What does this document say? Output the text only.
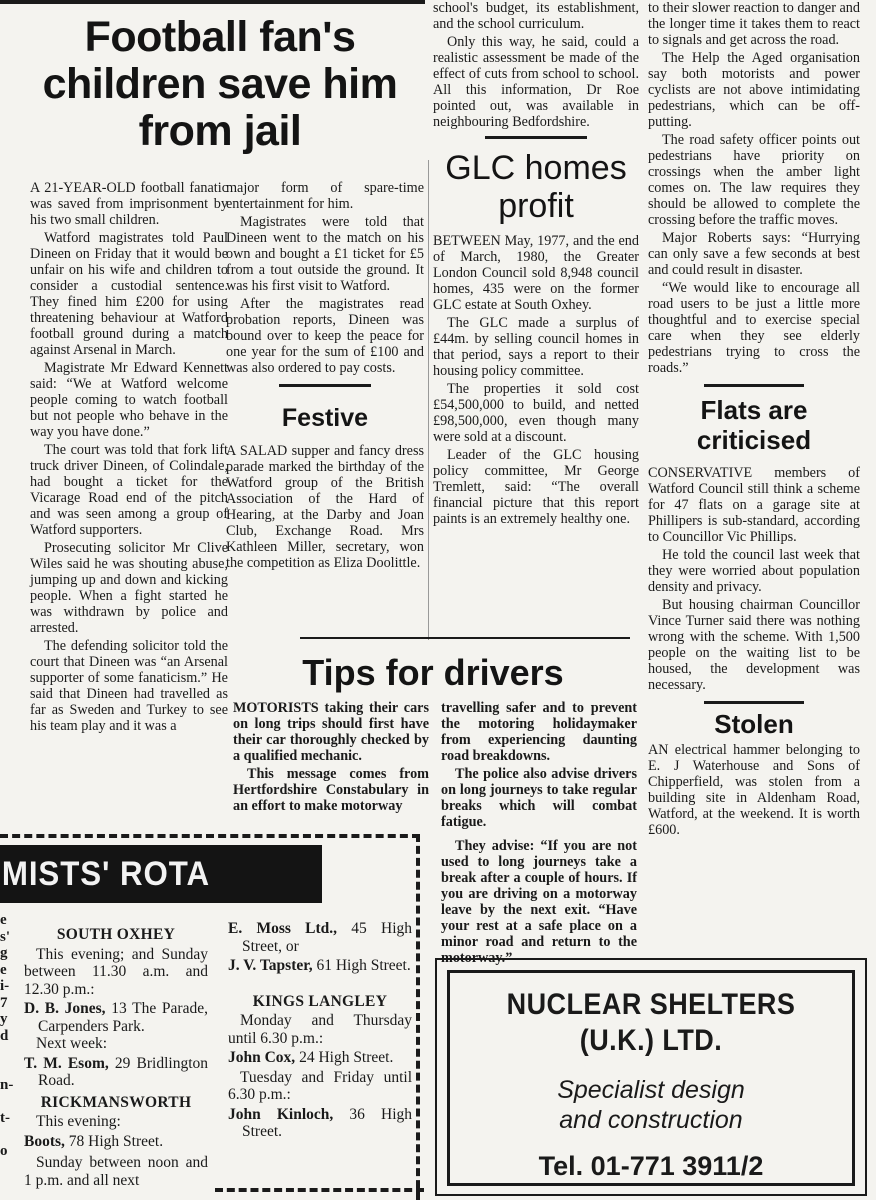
Football fan's children save him from jail

A 21-YEAR-OLD football fanatic was saved from imprisonment by his two small children.

Watford magistrates told Paul Dineen on Friday that it would be unfair on his wife and children to consider a custodial sentence. They fined him £200 for using threatening behaviour at Watford football ground during a match against Arsenal in March.

Magistrate Mr Edward Kennett said: “We at Watford welcome people coming to watch football but not people who behave in the way you have done.”

The court was told that fork lift truck driver Dineen, of Colindale, had bought a ticket for the Vicarage Road end of the pitch and was seen among a group of Watford supporters.

Prosecuting solicitor Mr Clive Wiles said he was shouting abuse, jumping up and down and kicking people. When a fight started he was withdrawn by police and arrested.

The defending solicitor told the court that Dineen was “an Arsenal supporter of some fanaticism.” He said that Dineen had travelled as far as Sweden and Turkey to see his team play and it was a

major form of spare-time entertainment for him.

Magistrates were told that Dineen went to the match on his own and bought a £1 ticket for £5 from a tout outside the ground. It was his first visit to Watford.

After the magistrates read probation reports, Dineen was bound over to keep the peace for one year for the sum of £100 and was also ordered to pay costs.

Festive

A SALAD supper and fancy dress parade marked the birthday of the Watford group of the British Association of the Hard of Hearing, at the Darby and Joan Club, Exchange Road. Mrs Kathleen Miller, secretary, won the competition as Eliza Doolittle.

school's budget, its establishment, and the school curriculum.

Only this way, he said, could a realistic assessment be made of the effect of cuts from school to school. All this information, Dr Roe pointed out, was available in neighbouring Bedfordshire.

GLC homes profit

BETWEEN May, 1977, and the end of March, 1980, the Greater London Council sold 8,948 council homes, 435 were on the former GLC estate at South Oxhey.

The GLC made a surplus of £44m. by selling council homes in that period, says a report to their housing policy committee.

The properties it sold cost £54,500,000 to build, and netted £98,500,000, even though many were sold at a discount.

Leader of the GLC housing policy committee, Mr George Tremlett, said: “The overall financial picture that this report paints is an extremely healthy one.

to their slower reaction to danger and the longer time it takes them to react to signals and get across the road.

The Help the Aged organisation say both motorists and power cyclists are not above intimidating pedestrians, which can be off-putting.

The road safety officer points out pedestrians have priority on crossings when the amber light comes on. The law requires they should be allowed to complete the crossing before the traffic moves.

Major Roberts says: “Hurrying can only save a few seconds at best and could result in disaster.

“We would like to encourage all road users to be just a little more thoughtful and to exercise special care when they see elderly pedestrians trying to cross the roads.”

Flats are criticised

CONSERVATIVE members of Watford Council still think a scheme for 47 flats on a garage site at Phillipers is sub-standard, according to Councillor Vic Phillips.

He told the council last week that they were worried about population density and privacy.

But housing chairman Councillor Vince Turner said there was nothing wrong with the scheme. With 1,500 people on the waiting list to be housed, the development was necessary.

Stolen

AN electrical hammer belonging to E. J Waterhouse and Sons of Chipperfield, was stolen from a building site in Aldenham Road, Watford, at the weekend. It is worth £600.

Tips for drivers

MOTORISTS taking their cars on long trips should first have their car thoroughly checked by a qualified mechanic.

This message comes from Hertfordshire Constabulary in an effort to make motorway

travelling safer and to prevent the motoring holidaymaker from experiencing daunting road breakdowns.

The police also advise drivers on long journeys to take regular breaks which will combat fatigue.

They advise: “If you are not used to long journeys take a break after a couple of hours. If you are driving on a motorway leave by the next exit. “Have your rest at a safe place on a minor road and return to the motorway.”

MISTS' ROTA
e
s'
g
e
i-
7
y
d

n-

t-

o
SOUTH OXHEY
This evening; and Sunday between 11.30 a.m. and 12.30 p.m.:
D. B. Jones, 13 The Parade, Carpenders Park.
Next week:
T. M. Esom, 29 Bridlington Road.
RICKMANSWORTH
This evening:
Boots, 78 High Street.
Sunday between noon and 1 p.m. and all next
E. Moss Ltd., 45 High Street, or
J. V. Tapster, 61 High Street.
KINGS LANGLEY
Monday and Thursday until 6.30 p.m.:
John Cox, 24 High Street.
Tuesday and Friday until 6.30 p.m.:
John Kinloch, 36 High Street.
NUCLEAR SHELTERS
(U.K.) LTD.
Specialist design
and construction
Tel. 01-771 3911/2
